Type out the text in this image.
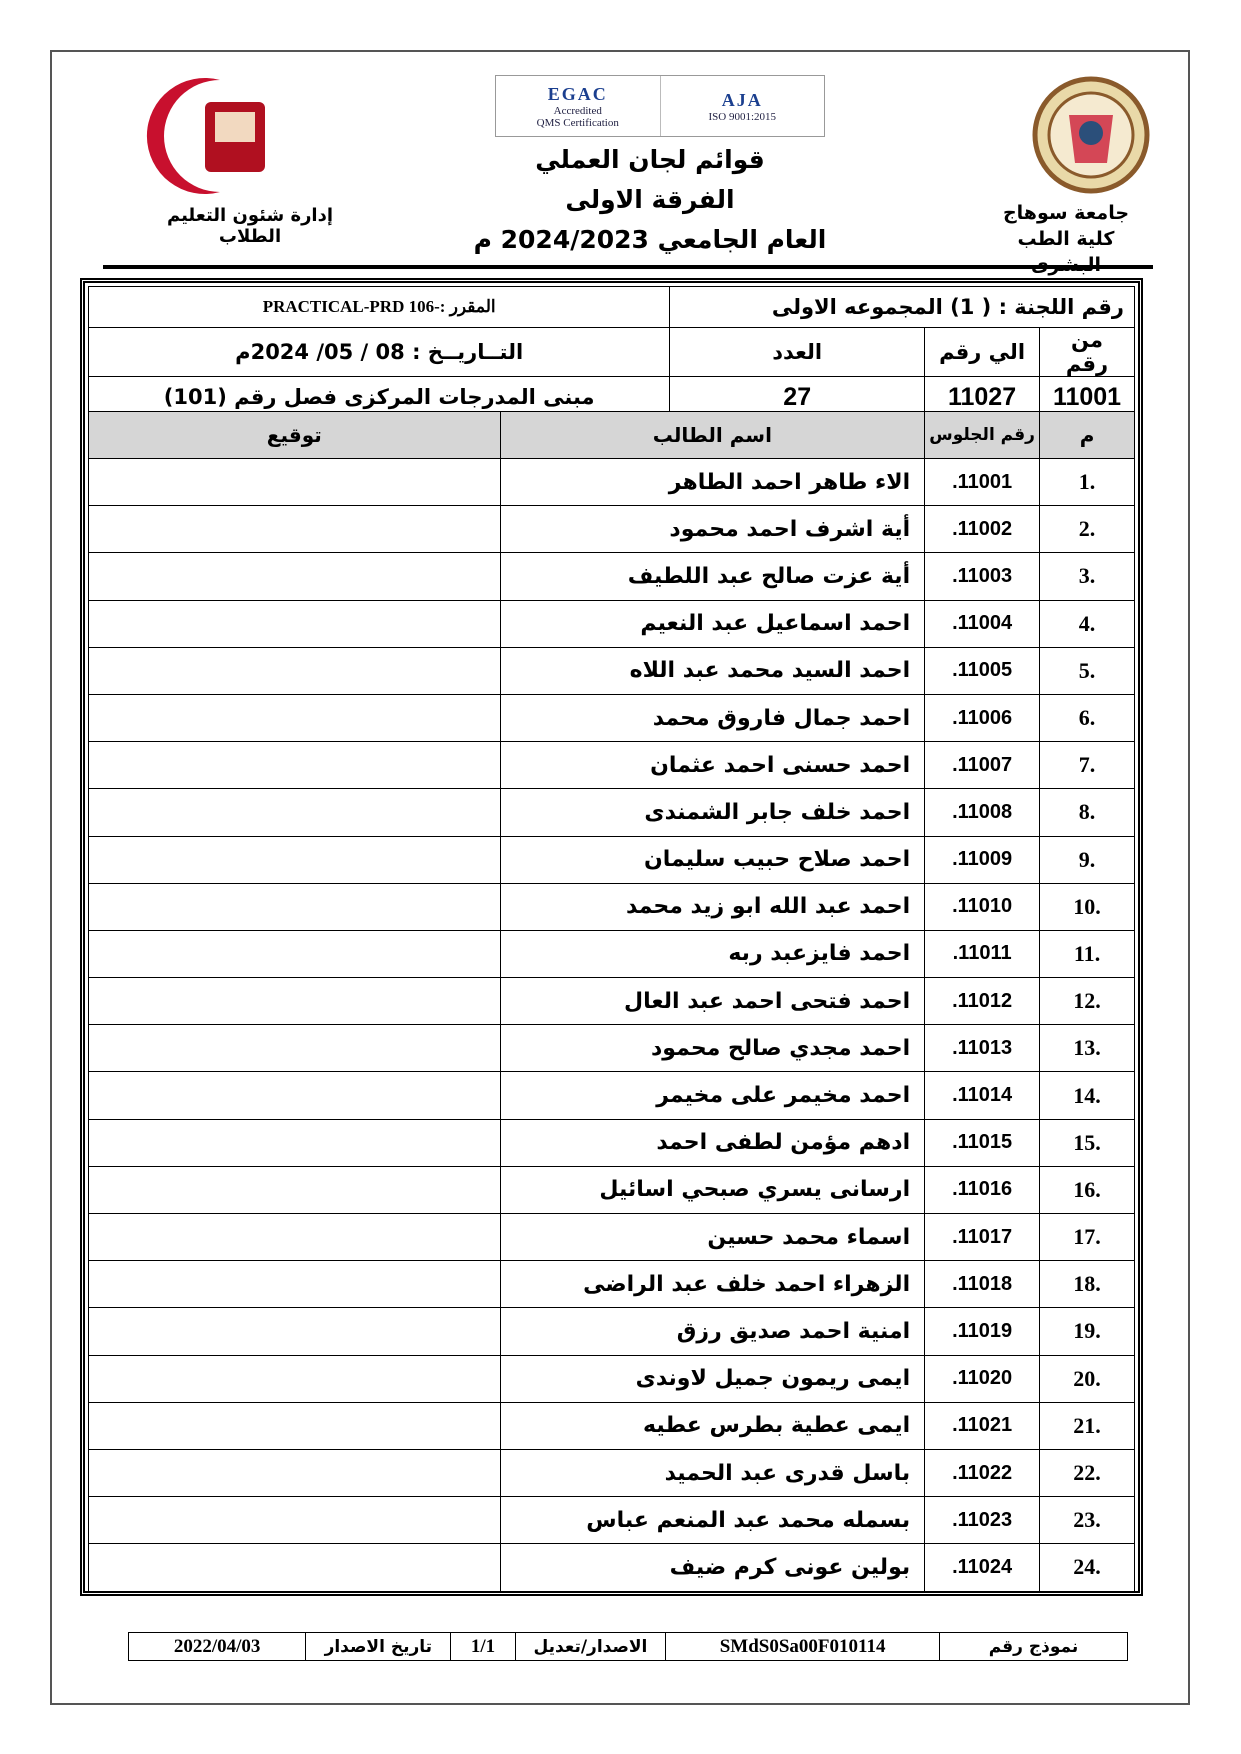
EGAC
Accredited
QMS Certification
AJA
ISO 9001:2015
جامعة سوهاج
كلية الطب
قوائم لجان العملي
الفرقة الاولى
العام الجامعي 2024/2023 م
إدارة شئون التعليم الطلاب
رقم اللجنة : ( 1) المجموعه الاولى			المقرر :-PRACTICAL-PRD 106
من رقم	الي رقم	العدد	التــاريــخ : 08 / 05/ 2024م
11001	11027	27	مبنى المدرجات المركزى فصل رقم (101)
م	رقم الجلوس	اسم الطالب	توقيع
.1	11001.	الاء طاهر احمد الطاهر	
.2	11002.	أية اشرف احمد محمود	
.3	11003.	أية عزت صالح عبد اللطيف	
.4	11004.	احمد اسماعيل عبد النعيم	
.5	11005.	احمد السيد محمد عبد اللاه	
.6	11006.	احمد جمال فاروق محمد	
.7	11007.	احمد حسنى احمد عثمان	
.8	11008.	احمد خلف جابر الشمندى	
.9	11009.	احمد صلاح حبيب سليمان	
.10	11010.	احمد عبد الله ابو زيد محمد	
.11	11011.	احمد فايزعبد ربه	
.12	11012.	احمد فتحى احمد عبد العال	
.13	11013.	احمد مجدي صالح محمود	
.14	11014.	احمد مخيمر على مخيمر	
.15	11015.	ادهم مؤمن لطفى احمد	
.16	11016.	ارسانى يسري صبحي اسائيل	
.17	11017.	اسماء محمد حسين	
.18	11018.	الزهراء احمد خلف عبد الراضى	
.19	11019.	امنية احمد صديق رزق	
.20	11020.	ايمى ريمون جميل لاوندى	
.21	11021.	ايمى عطية بطرس عطيه	
.22	11022.	باسل قدرى عبد الحميد	
.23	11023.	بسمله محمد عبد المنعم عباس	
.24	11024.	بولين عونى كرم ضيف	
نموذج رقم	SMdS0Sa00F010114	الاصدار/تعديل	1/1	تاريخ الاصدار	2022/04/03
